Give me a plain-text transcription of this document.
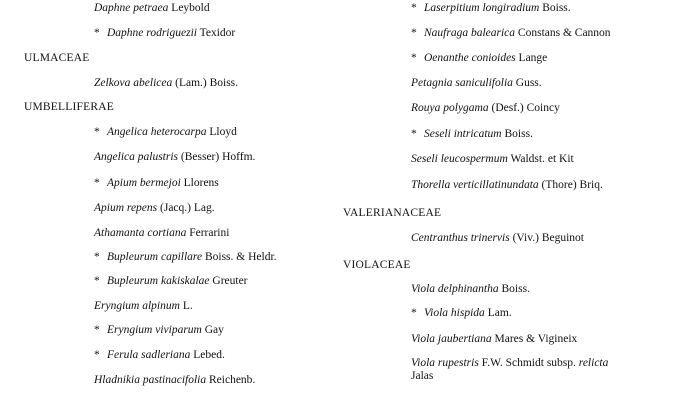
Daphne petraea Leybold
* Daphne rodriguezii Texidor
ULMACEAE
Zelkova abelicea (Lam.) Boiss.
UMBELLIFERAE
* Angelica heterocarpa Lloyd
Angelica palustris (Besser) Hoffm.
* Apium bermejoi Llorens
Apium repens (Jacq.) Lag.
Athamanta cortiana Ferrarini
* Bupleurum capillare Boiss. & Heldr.
* Bupleurum kakiskalae Greuter
Eryngium alpinum L.
* Eryngium viviparum Gay
* Ferula sadleriana Lebed.
Hladnikia pastinacifolia Reichenb.
* Laserpitium longiradium Boiss.
* Naufraga balearica Constans & Cannon
* Oenanthe conioides Lange
Petagnia saniculifolia Guss.
Rouya polygama (Desf.) Coincy
* Seseli intricatum Boiss.
Seseli leucospermum Waldst. et Kit
Thorella verticillatinundata (Thore) Briq.
VALERIANACEAE
Centranthus trinervis (Viv.) Beguinot
VIOLACEAE
Viola delphinantha Boiss.
* Viola hispida Lam.
Viola jaubertiana Mares & Vigineix
Viola rupestris F.W. Schmidt subsp. relicta
Jalas
